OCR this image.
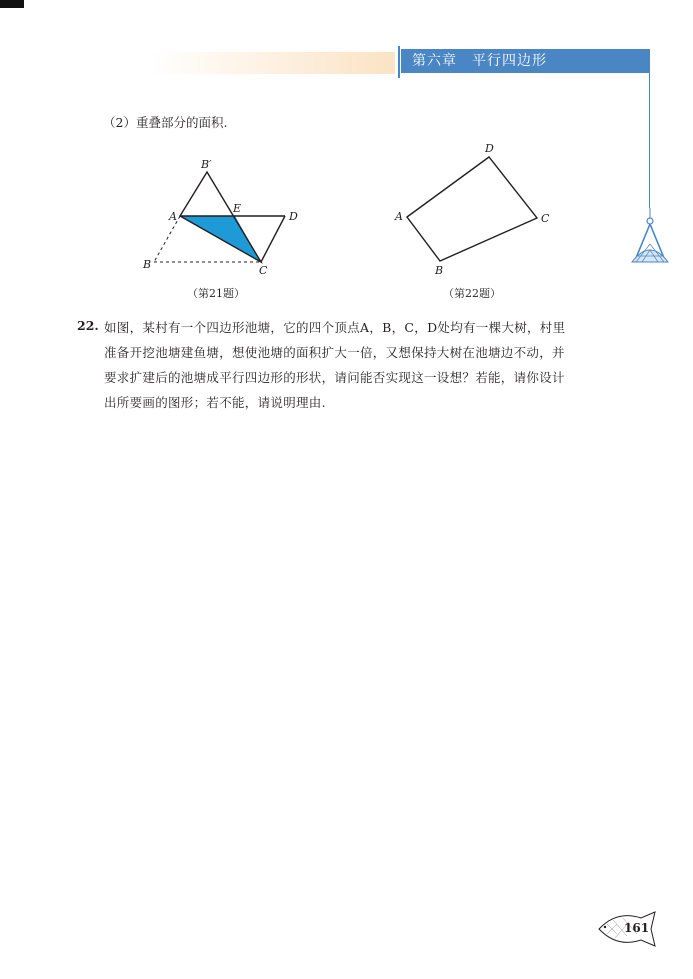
第六章　平行四边形
（2）重叠部分的面积.
B′
A
E
D
B	C
（第21题）
D
A	C
B
（第22题）
22. 如图，某村有一个四边形池塘，它的四个顶点A，B，C，D处均有一棵大树，村里
准备开挖池塘建鱼塘，想使池塘的面积扩大一倍，又想保持大树在池塘边不动，并
要求扩建后的池塘成平行四边形的形状，请问能否实现这一设想？若能，请你设计
出所要画的图形；若不能，请说明理由.
161
